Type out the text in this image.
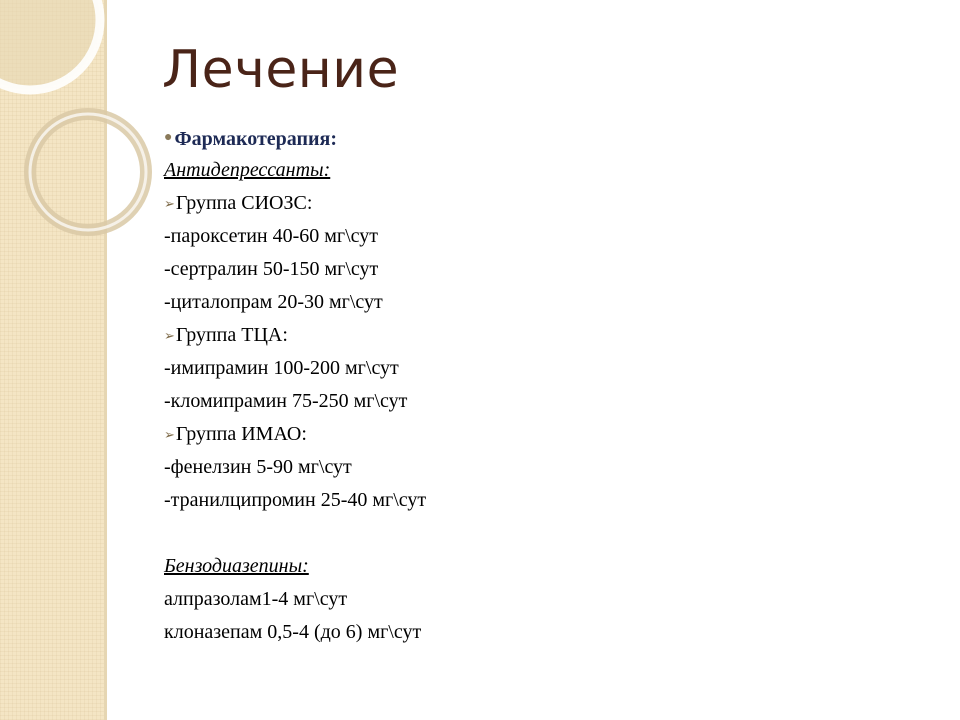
Лечение
● Фармакотерапия:
Антидепрессанты:
➢Группа СИОЗС:
-пароксетин 40-60 мг\сут
-сертралин 50-150 мг\сут
-циталопрам 20-30 мг\сут
➢Группа ТЦА:
-имипрамин 100-200 мг\сут
-кломипрамин 75-250 мг\сут
➢Группа ИМАО:
-фенелзин 5-90 мг\сут
-транилципромин 25-40 мг\сут
Бензодиазепины:
алпразолам1-4 мг\сут
клоназепам 0,5-4 (до 6) мг\сут
